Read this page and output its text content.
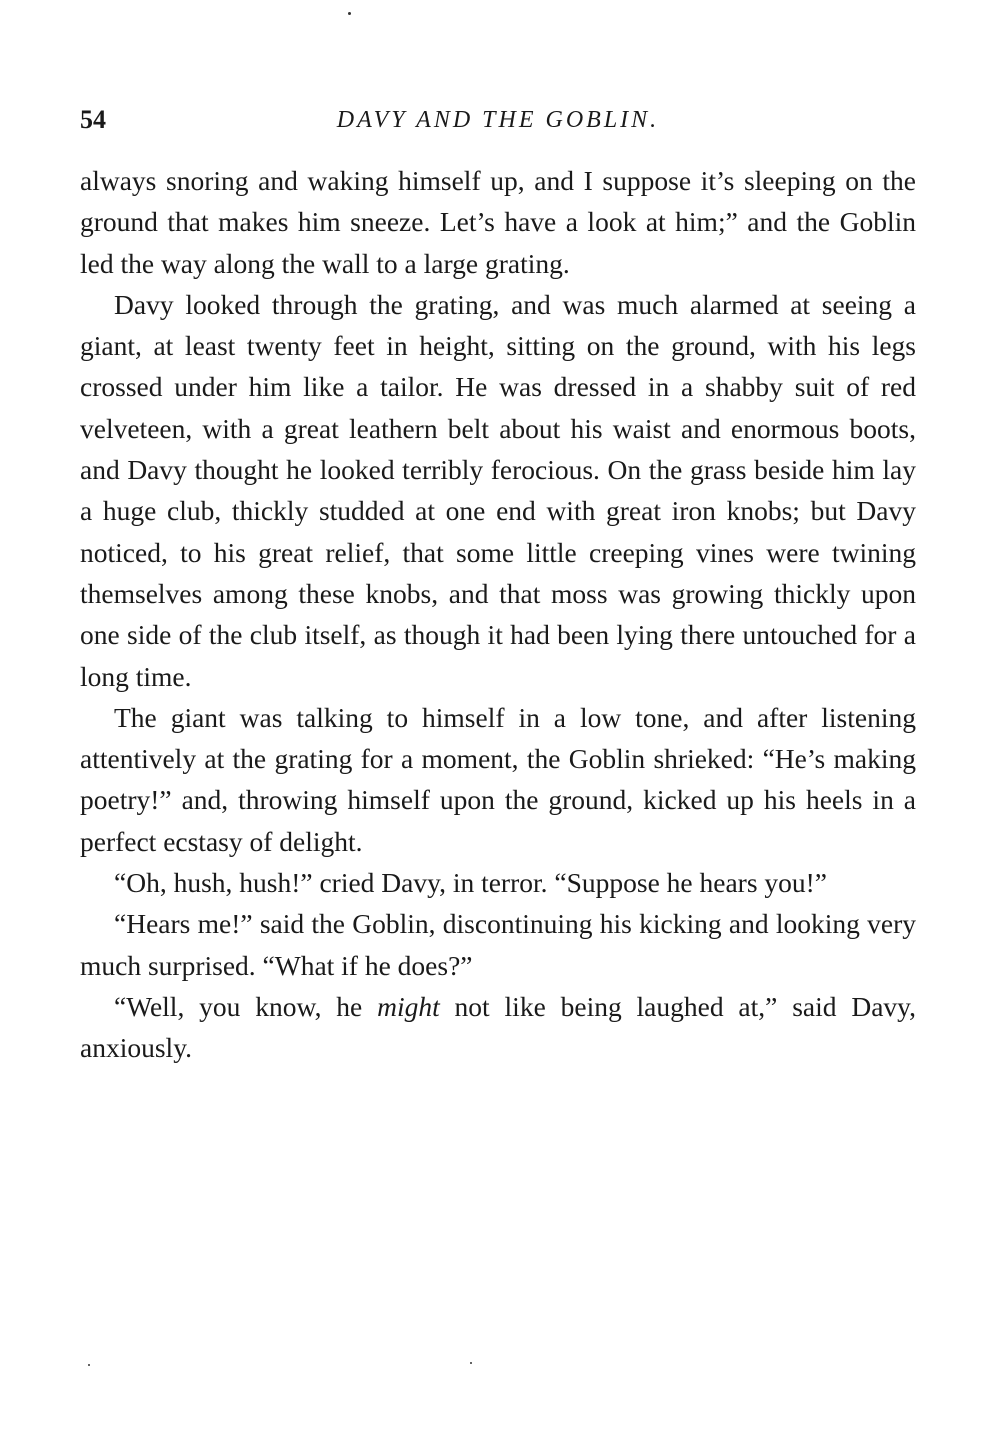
54	DAVY AND THE GOBLIN.

always snoring and waking himself up, and I suppose it’s sleeping on the ground that makes him sneeze. Let’s have a look at him;” and the Goblin led the way along the wall to a large grating.

Davy looked through the grating, and was much alarmed at seeing a giant, at least twenty feet in height, sitting on the ground, with his legs crossed under him like a tailor. He was dressed in a shabby suit of red velveteen, with a great leathern belt about his waist and enormous boots, and Davy thought he looked terribly ferocious. On the grass beside him lay a huge club, thickly studded at one end with great iron knobs; but Davy noticed, to his great relief, that some little creeping vines were twining themselves among these knobs, and that moss was growing thickly upon one side of the club itself, as though it had been lying there untouched for a long time.

The giant was talking to himself in a low tone, and after listening attentively at the grating for a moment, the Goblin shrieked: “He’s making poetry!” and, throwing himself upon the ground, kicked up his heels in a perfect ecstasy of delight.

“Oh, hush, hush!” cried Davy, in terror. “Suppose he hears you!”

“Hears me!” said the Goblin, discontinuing his kicking and looking very much surprised. “What if he does?”

“Well, you know, he might not like being laughed at,” said Davy, anxiously.
